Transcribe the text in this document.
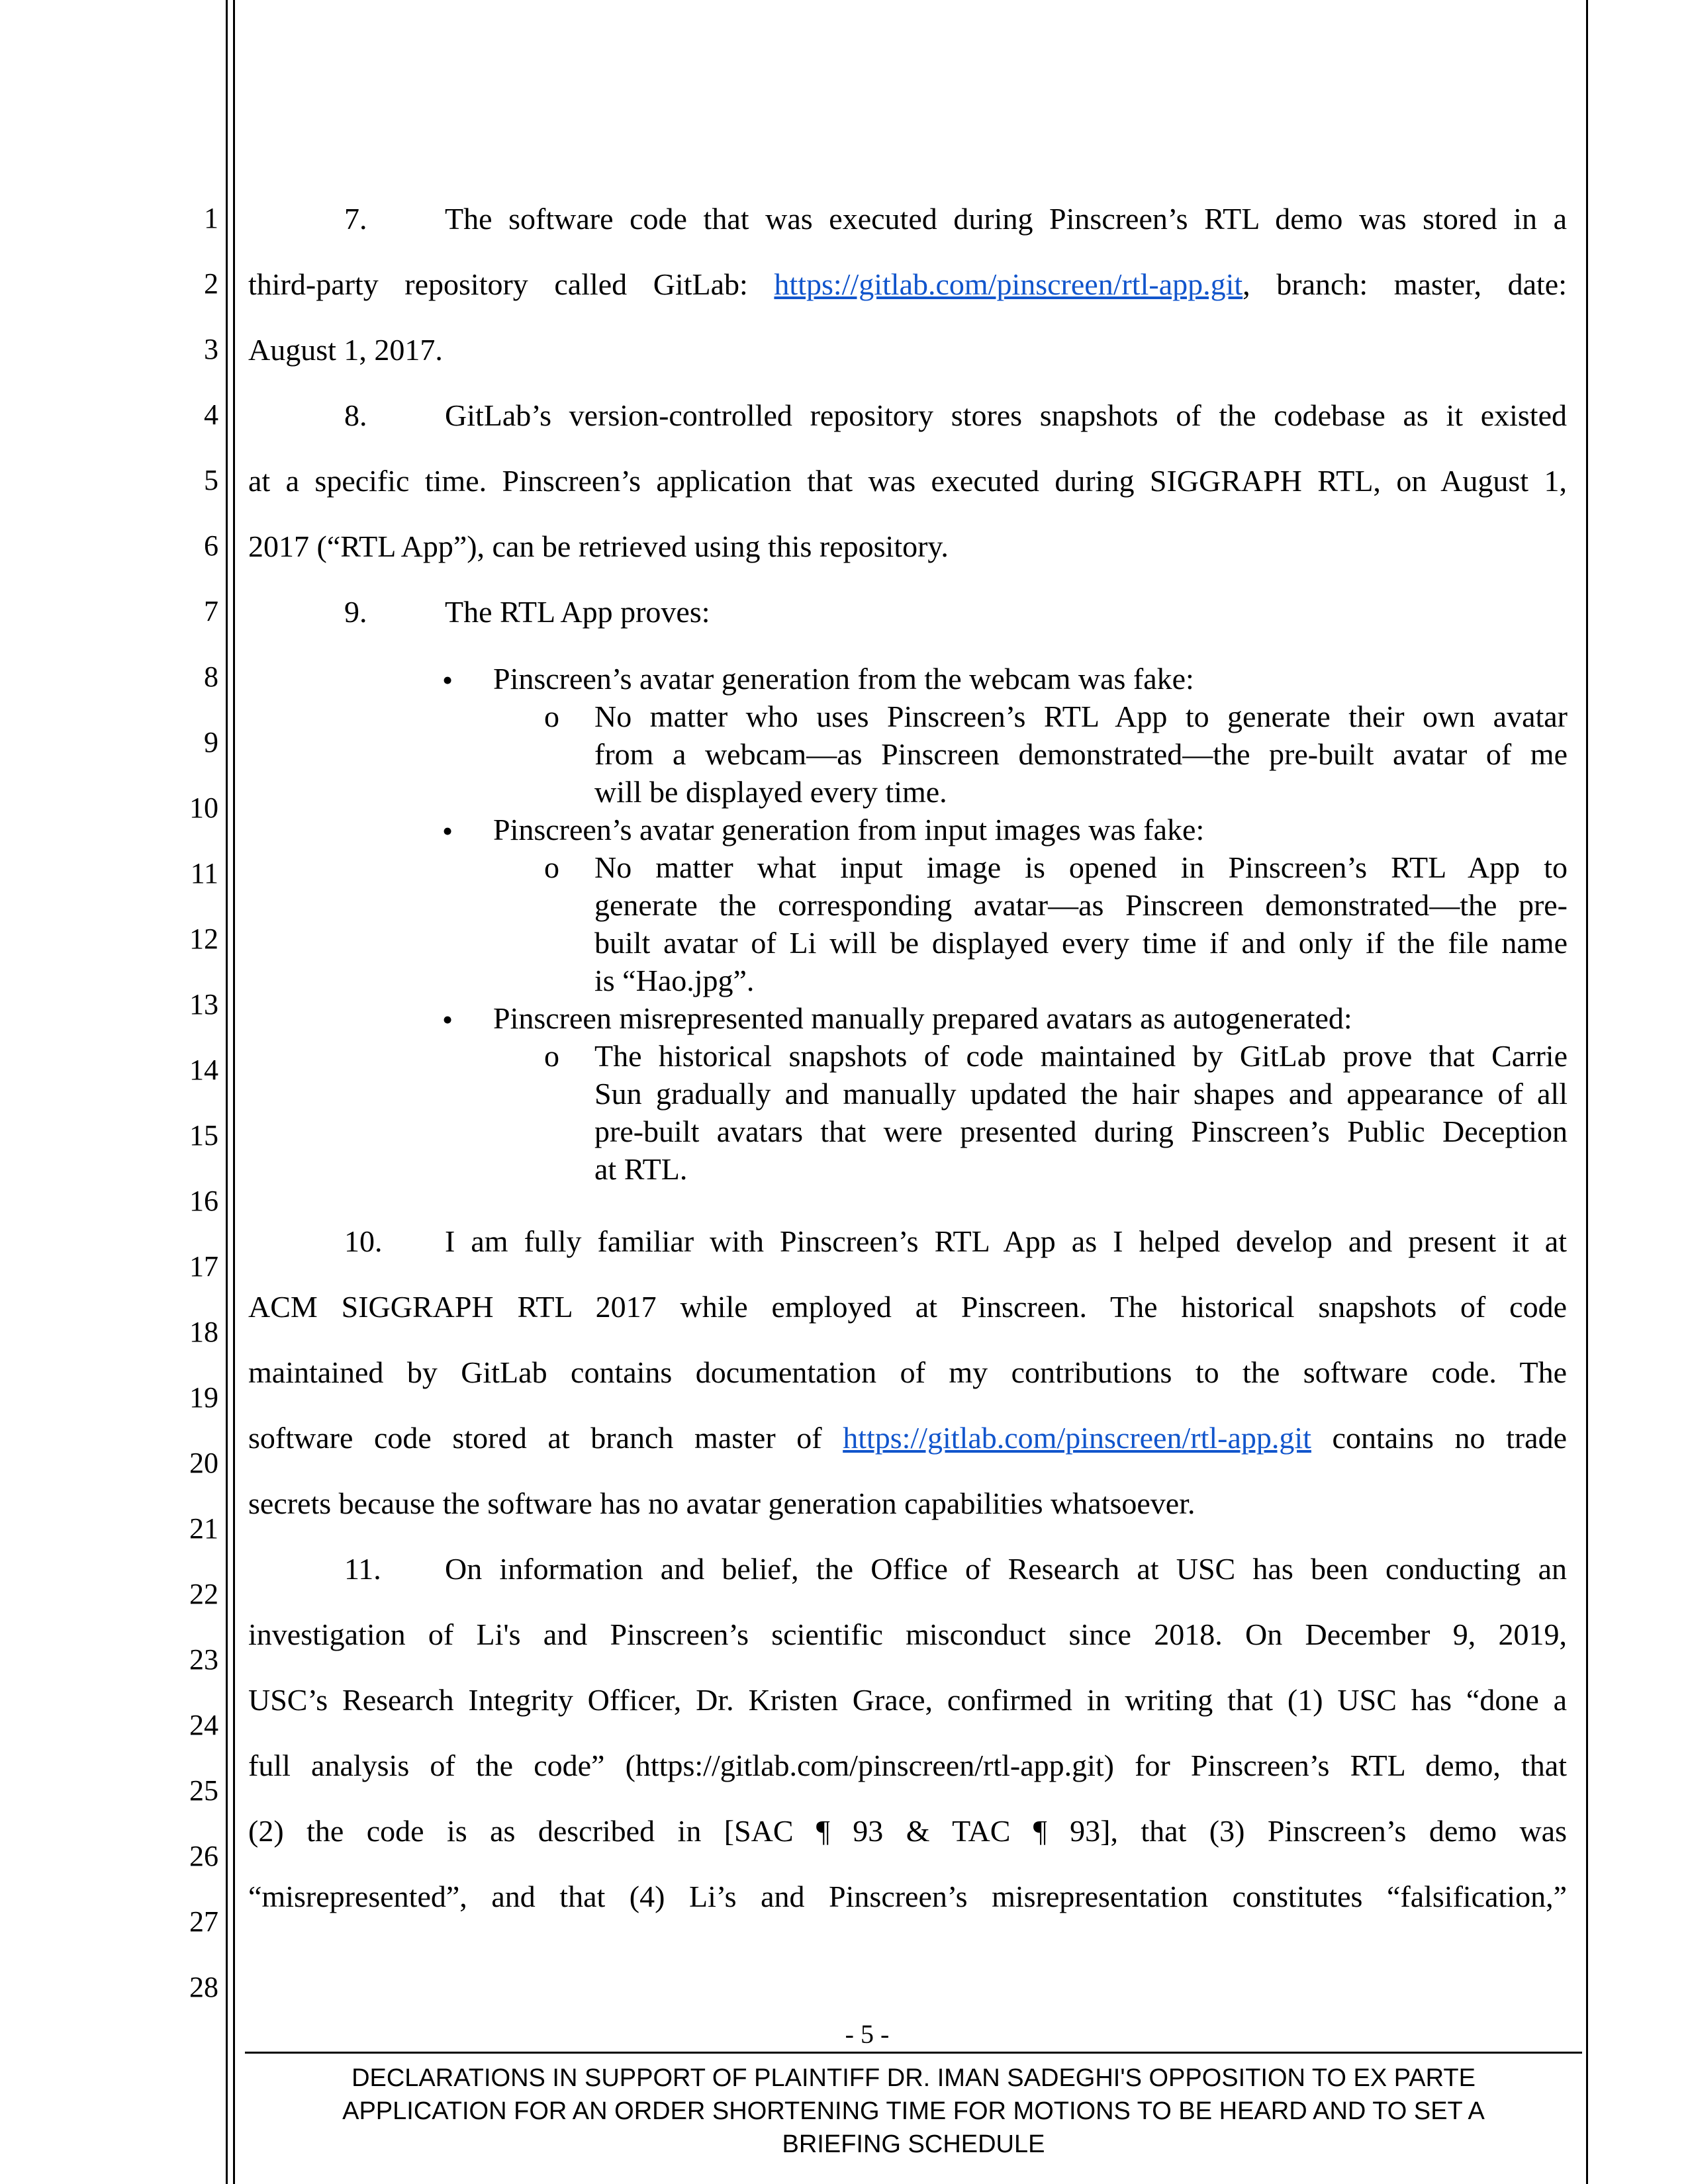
1
2
3
4
5
6
7
8
9
10
11
12
13
14
15
16
17
18
19
20
21
22
23
24
25
26
27
28
7.	The software code that was executed during Pinscreen’s RTL demo was stored in a
third-party repository called GitLab: https://gitlab.com/pinscreen/rtl-app.git, branch: master, date:
August 1, 2017.
8.	GitLab’s version-controlled repository stores snapshots of the codebase as it existed
at a specific time. Pinscreen’s application that was executed during SIGGRAPH RTL, on August 1,
2017 (“RTL App”), can be retrieved using this repository.
9.	The RTL App proves:
• Pinscreen’s avatar generation from the webcam was fake:
o No matter who uses Pinscreen’s RTL App to generate their own avatar
from a webcam—as Pinscreen demonstrated—the pre-built avatar of me
will be displayed every time.
• Pinscreen’s avatar generation from input images was fake:
o No matter what input image is opened in Pinscreen’s RTL App to
generate the corresponding avatar—as Pinscreen demonstrated—the pre-
built avatar of Li will be displayed every time if and only if the file name
is “Hao.jpg”.
• Pinscreen misrepresented manually prepared avatars as autogenerated:
o The historical snapshots of code maintained by GitLab prove that Carrie
Sun gradually and manually updated the hair shapes and appearance of all
pre-built avatars that were presented during Pinscreen’s Public Deception
at RTL.
10. I am fully familiar with Pinscreen’s RTL App as I helped develop and present it at
ACM SIGGRAPH RTL 2017 while employed at Pinscreen. The historical snapshots of code
maintained by GitLab contains documentation of my contributions to the software code. The
software code stored at branch master of https://gitlab.com/pinscreen/rtl-app.git contains no trade
secrets because the software has no avatar generation capabilities whatsoever.
11. On information and belief, the Office of Research at USC has been conducting an
investigation of Li's and Pinscreen’s scientific misconduct since 2018. On December 9, 2019,
USC’s Research Integrity Officer, Dr. Kristen Grace, confirmed in writing that (1) USC has “done a
full analysis of the code” (https://gitlab.com/pinscreen/rtl-app.git) for Pinscreen’s RTL demo, that
(2) the code is as described in [SAC ¶ 93 & TAC ¶ 93], that (3) Pinscreen’s demo was
“misrepresented”, and that (4) Li’s and Pinscreen’s misrepresentation constitutes “falsification,”
- 5 -
DECLARATIONS IN SUPPORT OF PLAINTIFF DR. IMAN SADEGHI'S OPPOSITION TO EX PARTE
APPLICATION FOR AN ORDER SHORTENING TIME FOR MOTIONS TO BE HEARD AND TO SET A
BRIEFING SCHEDULE
